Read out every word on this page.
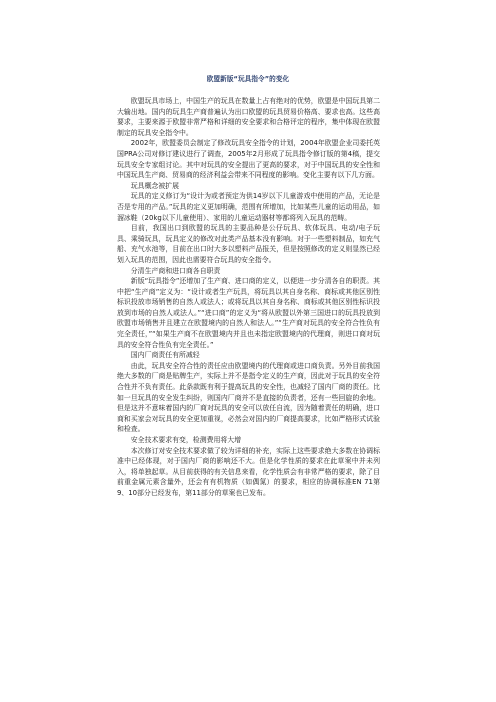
欧盟新版“玩具指令”的变化

欧盟玩具市场上，中国生产的玩具在数量上占有绝对的优势，欧盟是中国玩具第二大输出地。国内的玩具生产商普遍认为出口欧盟的玩具贸易价格高、要求也高。这些高要求，主要来源于欧盟非常严格和详细的安全要求和合格评定的程序，集中体现在欧盟制定的玩具安全指令中。

2002年，欧盟委员会制定了修改玩具安全指令的计划，2004年欧盟企业司委托英国PRA公司对修订建议进行了调查，2005年2月形成了玩具指令修订版的第4稿，提交玩具安全专家组讨论。其中对玩具的安全提出了更高的要求，对于中国玩具的安全性和中国玩具生产商、贸易商的经济利益会带来不同程度的影响。变化主要有以下几方面。

玩具概念被扩展

玩具的定义修订为“设计为或者预定为供14岁以下儿童游戏中使用的产品，无论是否是专用的产品。”玩具的定义更加明确，范围有所增加，比如某些儿童的运动用品，如溜冰鞋（20kg以下儿童使用）、家用的儿童运动器材等都将列入玩具的范畴。

目前，我国出口到欧盟的玩具的主要品种是公仔玩具、软体玩具、电动/电子玩具、乘骑玩具，玩具定义的修改对此类产品基本没有影响。对于一些塑料制品，如充气船、充气水池等，目前在出口时大多以塑料产品报关，但是按照修改的定义则显然已经划入玩具的范围，因此也需要符合玩具的安全指令。

分清生产商和进口商各自职责

新版“玩具指令”还增加了生产商、进口商的定义，以便进一步分清各自的职责。其中把“生产商”定义为：“设计或者生产玩具，将玩具以其自身名称、商标或其他区别性标识投放市场销售的自然人或法人；或将玩具以其自身名称、商标或其他区别性标识投放到市场的自然人或法人。”“进口商”的定义为“将从欧盟以外第三国进口的玩具投放到欧盟市场销售并且建立在欧盟境内的自然人和法人。”“生产商对玩具的安全符合性负有完全责任，”“如果生产商不在欧盟境内并且也未指定欧盟境内的代理商，则进口商对玩具的安全符合性负有完全责任。”

国内厂商责任有所减轻

由此，玩具安全符合性的责任应由欧盟境内的代理商或进口商负责。另外目前我国绝大多数的厂商是贴牌生产，实际上并不是指令定义的生产商，因此对于玩具的安全符合性并不负有责任。此条款既有利于提高玩具的安全性，也减轻了国内厂商的责任。比如一旦玩具的安全发生纠纷，则国内厂商并不是直接的负责者，还有一些回旋的余地。但是这并不意味着国内的厂商对玩具的安全可以放任自流，因为随着责任的明确，进口商和买家会对玩具的安全更加重视，必然会对国内的厂商提高要求，比如严格形式试验和检查。

安全技术要求有变，检测费用将大增

本次修订对安全技术要求做了较为详细的补充，实际上这些要求绝大多数在协调标准中已经体现，对于国内厂商的影响还不大。但是化学性质的要求在此草案中并未列入，将单独起草。从目前获得的有关信息来看，化学性质会有非常严格的要求，除了目前重金属元素含量外，还会有有机物质（如偶氮）的要求，相应的协调标准EN 71第9、10部分已经发布，第11部分的草案也已发布。
